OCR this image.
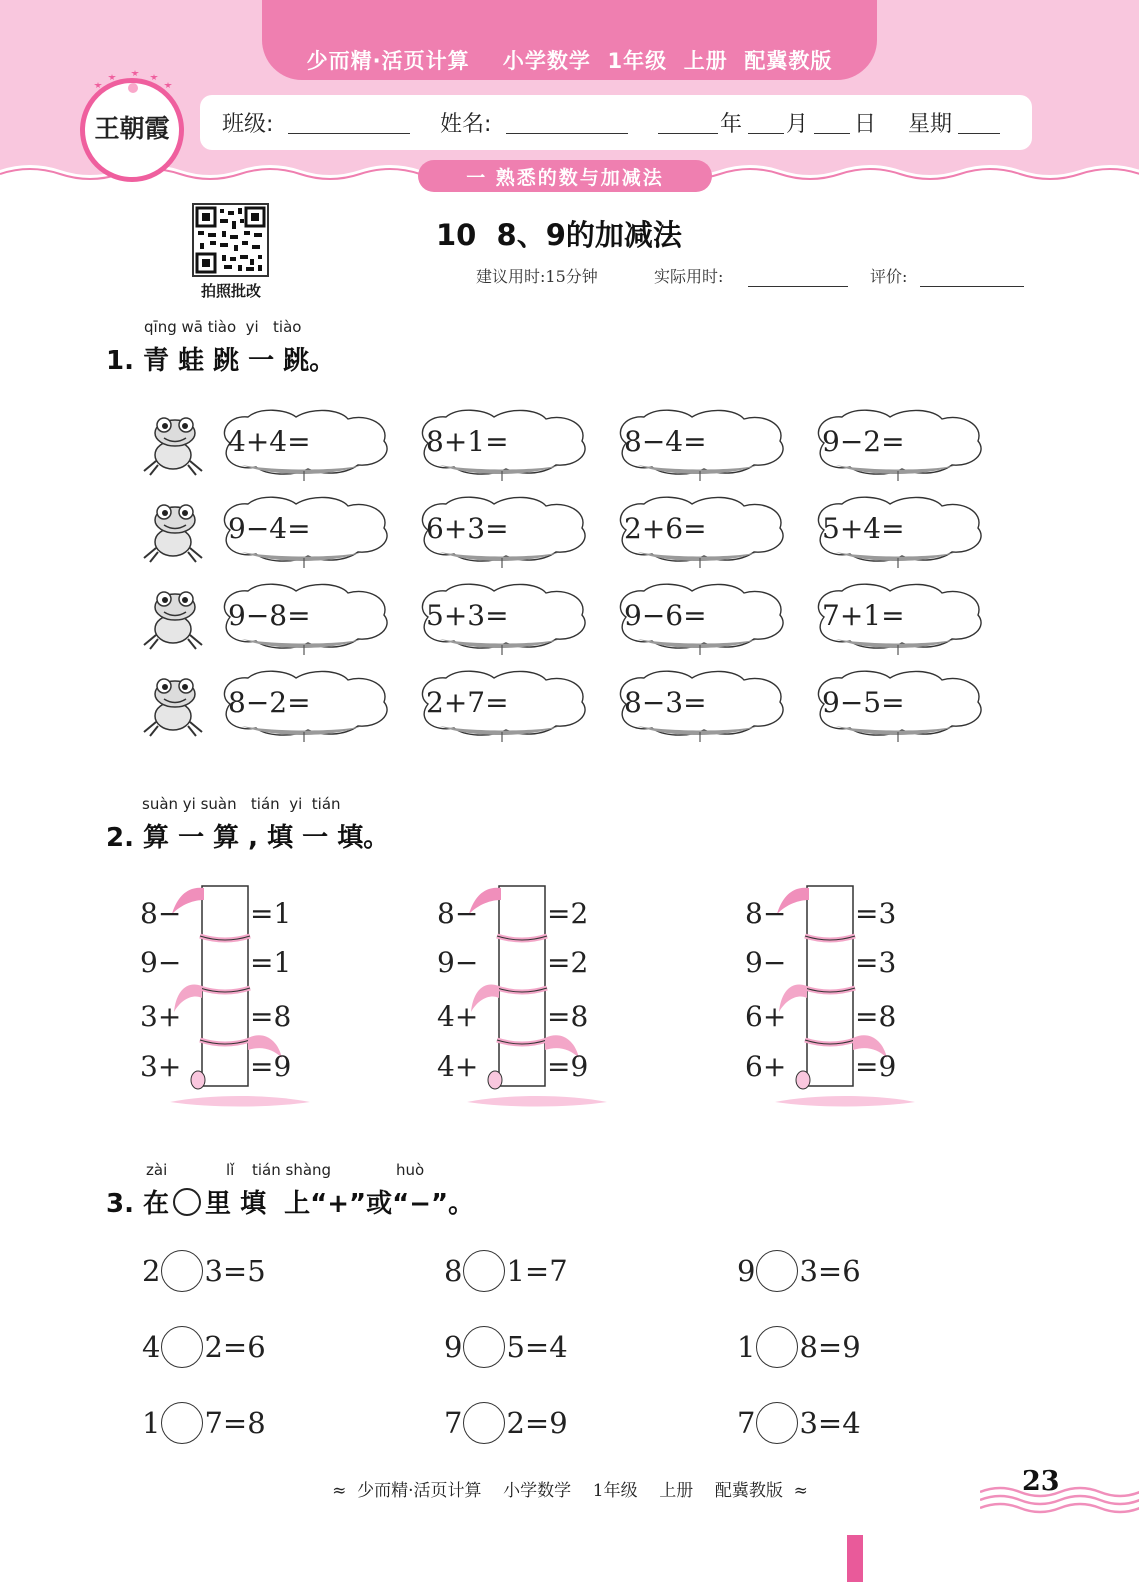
少而精·活页计算    小学数学  1年级  上册  配冀教版
班级:	姓名:	年 月 日 星期
王朝霞
一 熟悉的数与加减法
拍照批改
10  8、9的加减法
建议用时:15分钟	实际用时:	评价:
qīng wā tiào  yi   tiào
1. 青 蛙 跳 一 跳。
4+4=	8+1=	8−4=	9−2=
9−4=	6+3=	2+6=	5+4=
9−8=	5+3=	9−6=	7+1=
8−2=	2+7=	8−3=	9−5=
suàn yi suàn   tián  yi  tián
2. 算 一 算 , 填 一 填。
8− =1
9− =1
3+ =8
3+ =9
8− =2
9− =2
4+ =8
4+ =9
8− =3
9− =3
6+ =8
6+ =9
zài	lǐ tián shàng	huò
3. 在 里 填  上“+”或“−”。
2 3=5	8 1=7	9 3=6
4 2=6	9 5=4	1 8=9
1 7=8	7 2=9	7 3=4
≈  少而精·活页计算    小学数学    1年级    上册    配冀教版  ≈	23
